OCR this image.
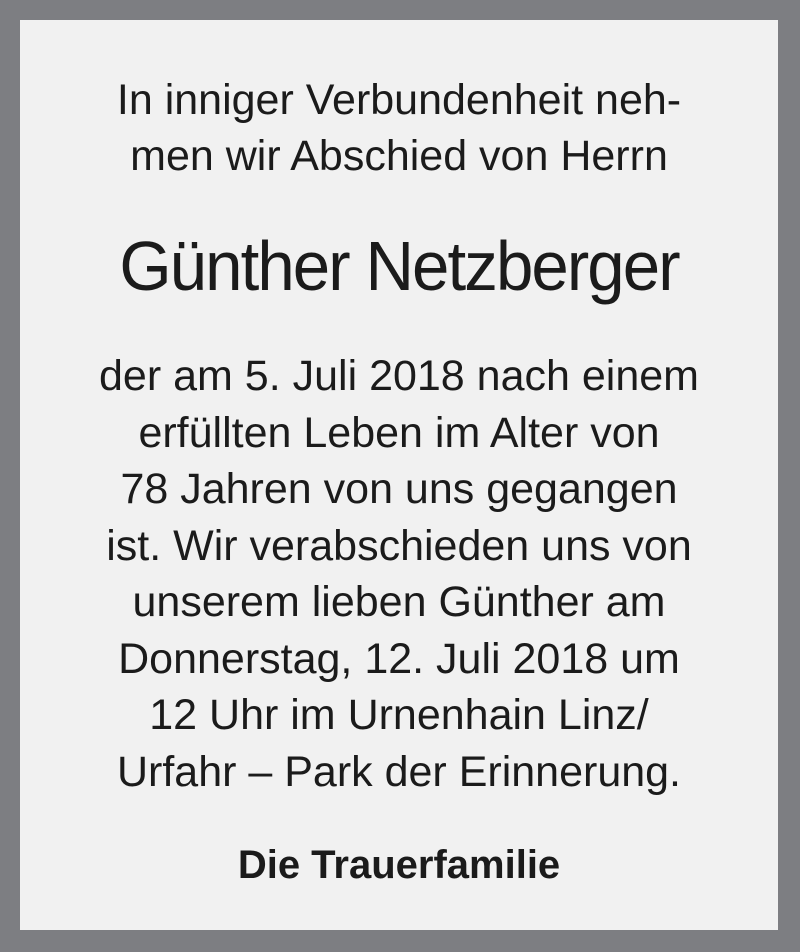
In inniger Verbundenheit neh-
men wir Abschied von Herrn
Günther Netzberger
der am 5. Juli 2018 nach einem
erfüllten Leben im Alter von
78 Jahren von uns gegangen
ist. Wir verabschieden uns von
unserem lieben Günther am
Donnerstag, 12. Juli 2018 um
12 Uhr im Urnenhain Linz/
Urfahr – Park der Erinnerung.
Die Trauerfamilie
